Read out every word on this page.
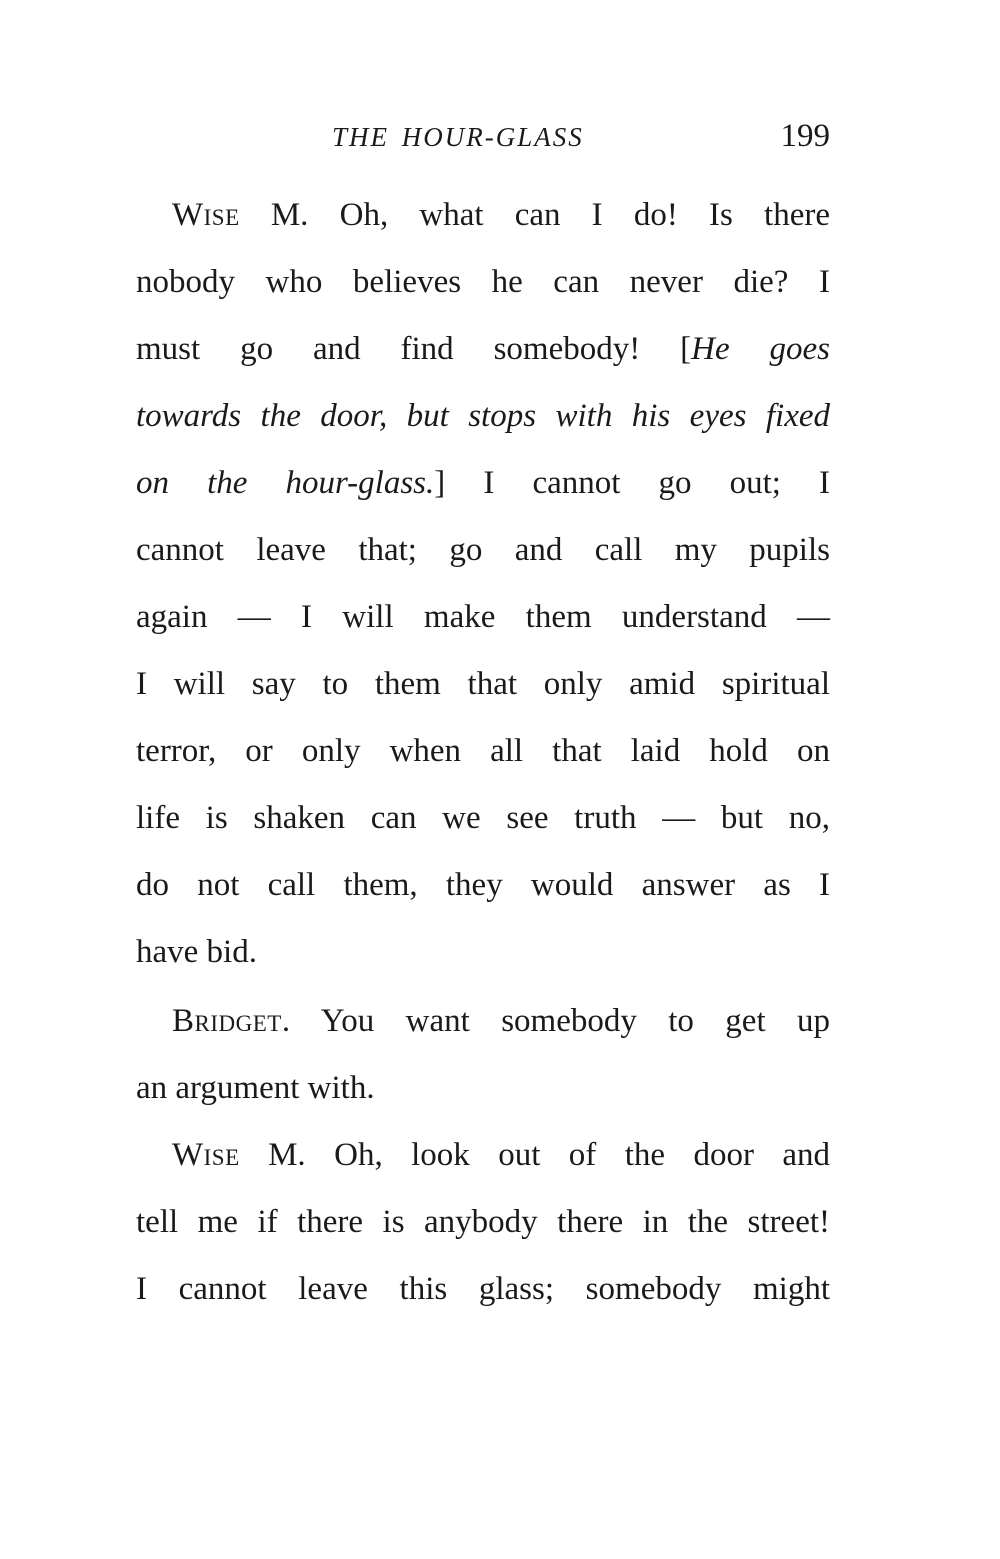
THE HOUR-GLASS	199
Wise M. Oh, what can I do! Is there
nobody who believes he can never die? I
must go and find somebody! [He goes
towards the door, but stops with his eyes fixed
on the hour-glass.] I cannot go out; I
cannot leave that; go and call my pupils
again — I will make them understand —
I will say to them that only amid spiritual
terror, or only when all that laid hold on
life is shaken can we see truth — but no,
do not call them, they would answer as I
have bid.
Bridget. You want somebody to get up
an argument with.
Wise M. Oh, look out of the door and
tell me if there is anybody there in the street!
I cannot leave this glass; somebody might
